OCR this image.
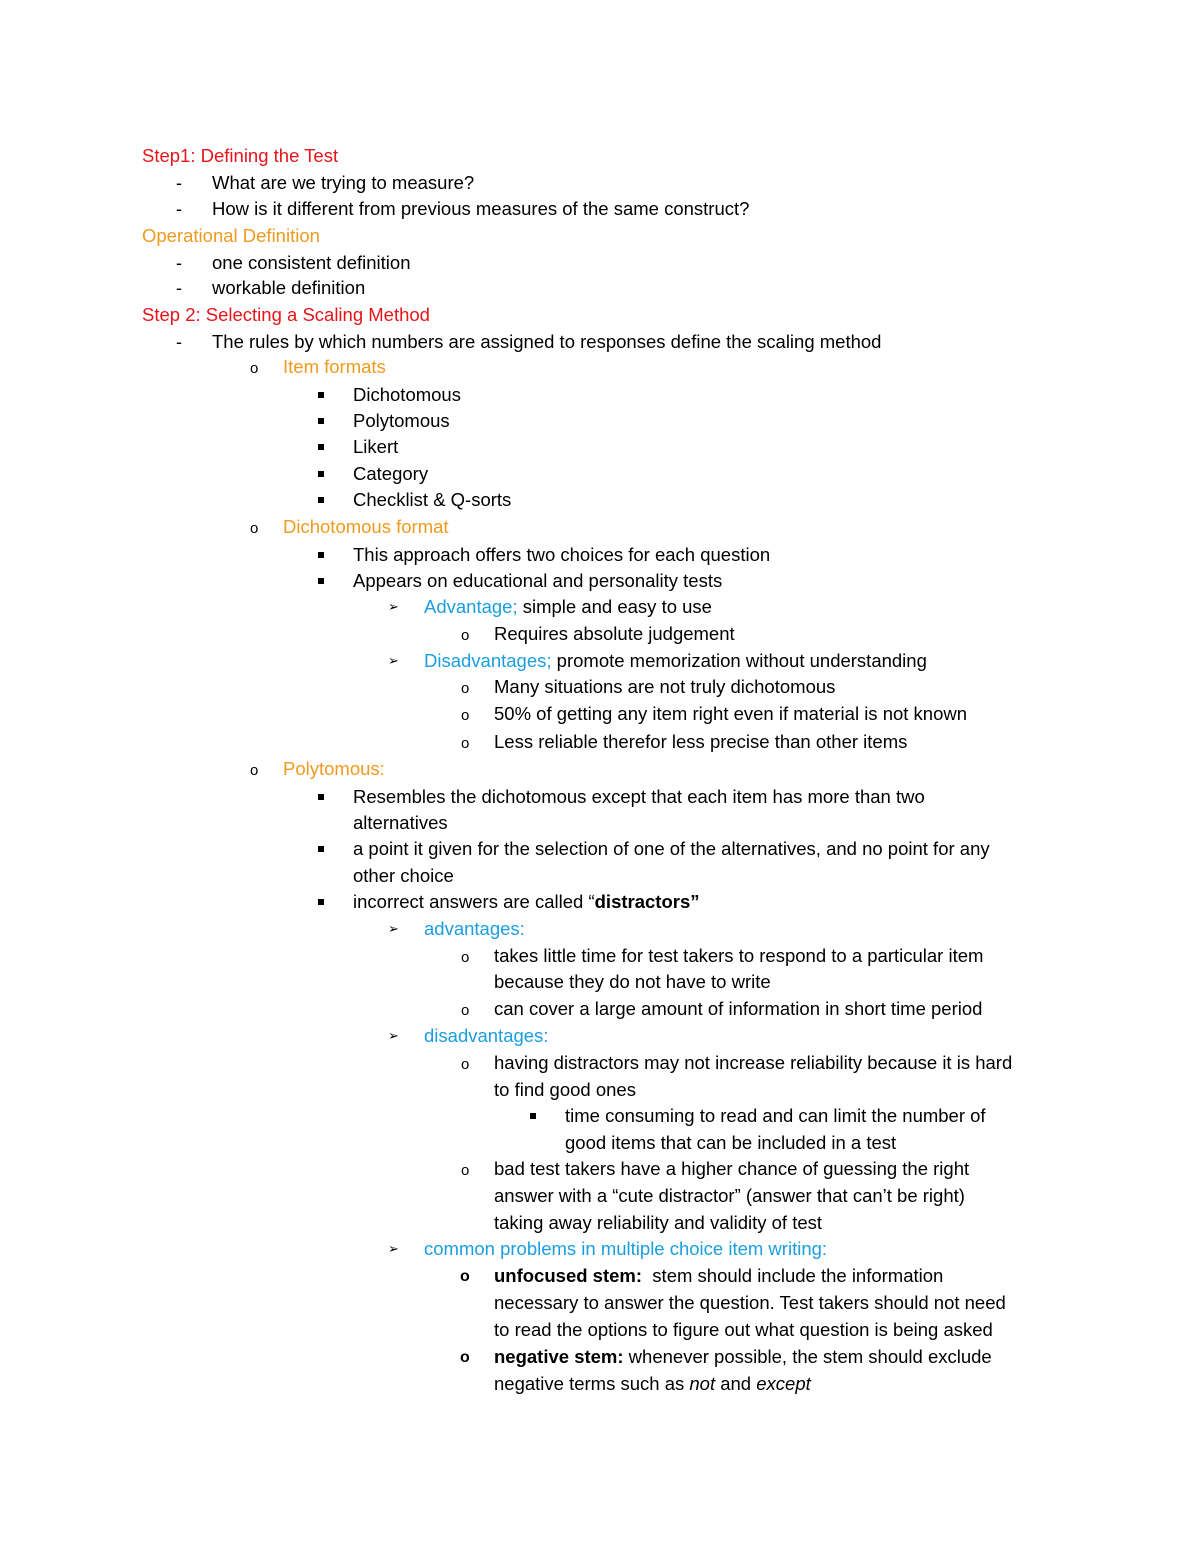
Step1: Defining the Test
- What are we trying to measure?
- How is it different from previous measures of the same construct?
Operational Definition
- one consistent definition
- workable definition
Step 2: Selecting a Scaling Method
- The rules by which numbers are assigned to responses define the scaling method
o Item formats
Dichotomous
Polytomous
Likert
Category
Checklist & Q-sorts
o Dichotomous format
This approach offers two choices for each question
Appears on educational and personality tests
➢ Advantage; simple and easy to use
o Requires absolute judgement
➢ Disadvantages; promote memorization without understanding
o Many situations are not truly dichotomous
o 50% of getting any item right even if material is not known
o Less reliable therefor less precise than other items
o Polytomous:
Resembles the dichotomous except that each item has more than two
alternatives
a point it given for the selection of one of the alternatives, and no point for any
other choice
incorrect answers are called “distractors”
➢ advantages:
o takes little time for test takers to respond to a particular item
because they do not have to write
o can cover a large amount of information in short time period
➢ disadvantages:
o having distractors may not increase reliability because it is hard
to find good ones
time consuming to read and can limit the number of
good items that can be included in a test
o bad test takers have a higher chance of guessing the right
answer with a “cute distractor” (answer that can’t be right)
taking away reliability and validity of test
➢ common problems in multiple choice item writing:
o unfocused stem:  stem should include the information
necessary to answer the question. Test takers should not need
to read the options to figure out what question is being asked
o negative stem: whenever possible, the stem should exclude
negative terms such as not and except
